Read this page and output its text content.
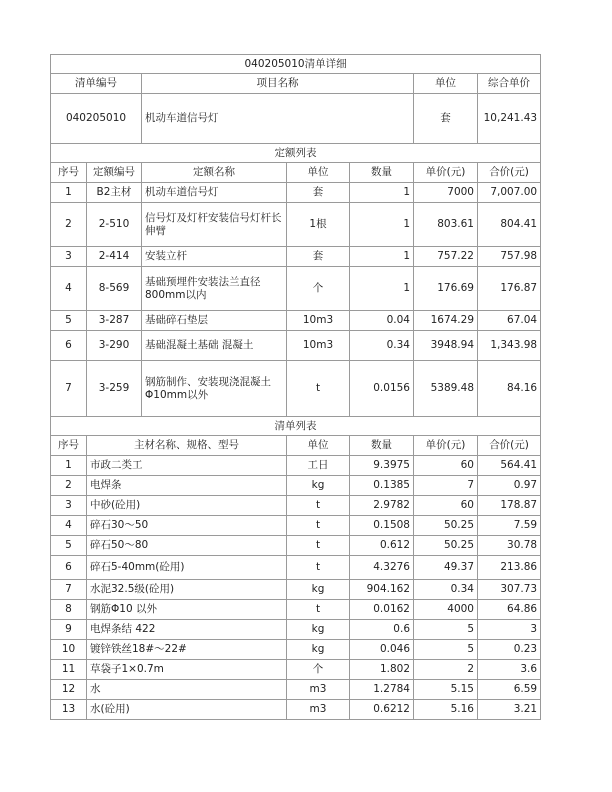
040205010清单详细						
清单编号		项目名称			单位	综合单价
040205010		机动车道信号灯			套	10,241.43
定额列表						
序号	定额编号	定额名称	单位	数量	单价(元)	合价(元)
1	B2主材	机动车道信号灯	套	1	7000	7,007.00
2	2-510	信号灯及灯杆安装信号灯杆长伸臂	1根	1	803.61	804.41
3	2-414	安装立杆	套	1	757.22	757.98
4	8-569	基础预埋件安装法兰直径800mm以内	个	1	176.69	176.87
5	3-287	基础碎石垫层	10m3	0.04	1674.29	67.04
6	3-290	基础混凝土基础 混凝土	10m3	0.34	3948.94	1,343.98
7	3-259	钢筋制作、安装现浇混凝土Φ10mm以外	t	0.0156	5389.48	84.16
清单列表						
序号	主材名称、规格、型号		单位	数量	单价(元)	合价(元)
1	市政二类工		工日	9.3975	60	564.41
2	电焊条		kg	0.1385	7	0.97
3	中砂(砼用)		t	2.9782	60	178.87
4	碎石30～50		t	0.1508	50.25	7.59
5	碎石50～80		t	0.612	50.25	30.78
6	碎石5-40mm(砼用)		t	4.3276	49.37	213.86
7	水泥32.5级(砼用)		kg	904.162	0.34	307.73
8	钢筋Φ10 以外		t	0.0162	4000	64.86
9	电焊条结 422		kg	0.6	5	3
10	镀锌铁丝18#～22#		kg	0.046	5	0.23
11	草袋子1×0.7m		个	1.802	2	3.6
12	水		m3	1.2784	5.15	6.59
13	水(砼用)		m3	0.6212	5.16	3.21
